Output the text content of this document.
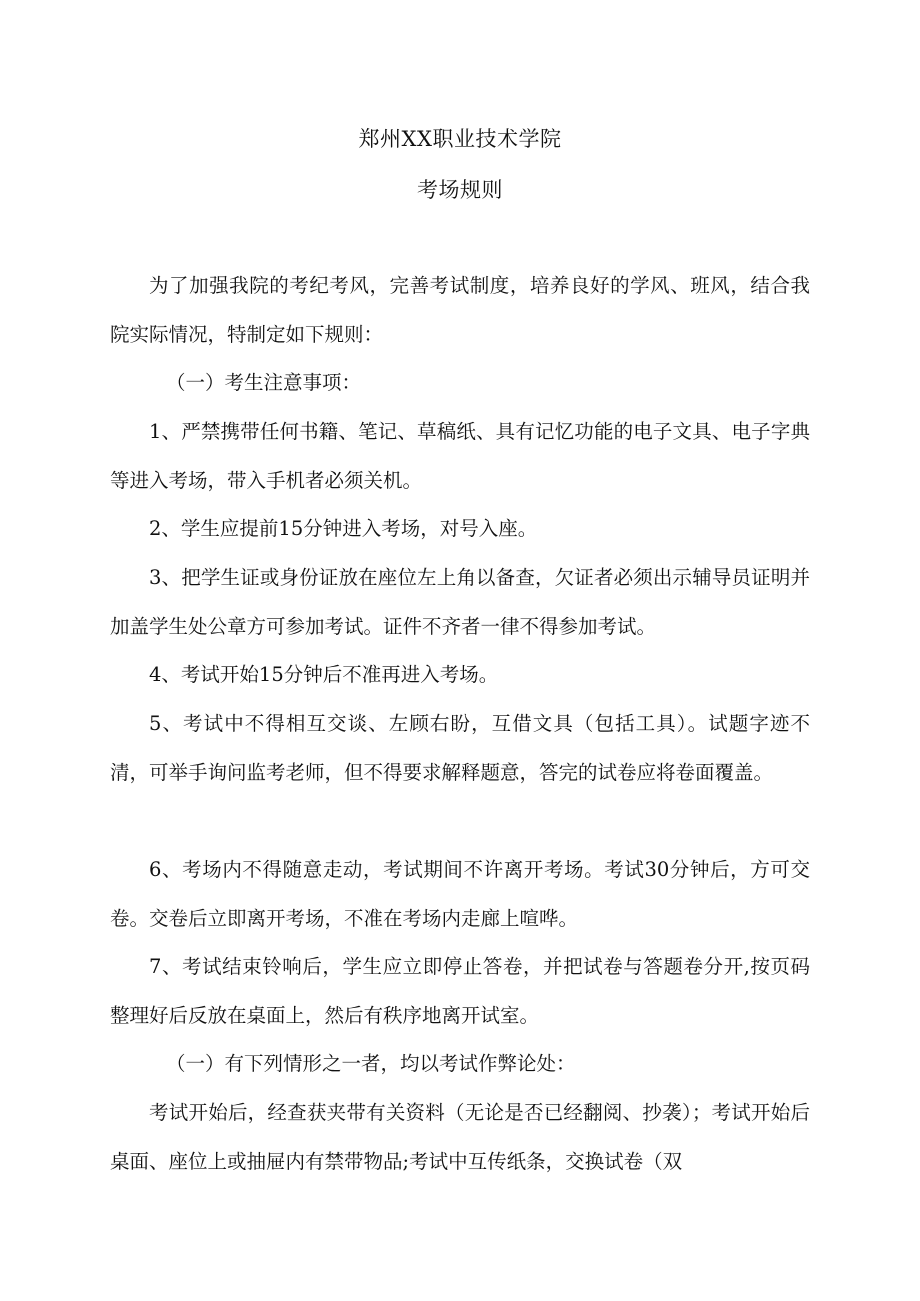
郑州XX职业技术学院
考场规则

为了加强我院的考纪考风，完善考试制度，培养良好的学风、班风，结合我院实际情况，特制定如下规则：

（一）考生注意事项：

1、严禁携带任何书籍、笔记、草稿纸、具有记忆功能的电子文具、电子字典等进入考场，带入手机者必须关机。

2、学生应提前15分钟进入考场，对号入座。

3、把学生证或身份证放在座位左上角以备查，欠证者必须出示辅导员证明并加盖学生处公章方可参加考试。证件不齐者一律不得参加考试。

4、考试开始15分钟后不准再进入考场。

5、考试中不得相互交谈、左顾右盼，互借文具（包括工具）。试题字迹不清，可举手询问监考老师，但不得要求解释题意，答完的试卷应将卷面覆盖。

6、考场内不得随意走动，考试期间不许离开考场。考试30分钟后，方可交卷。交卷后立即离开考场，不准在考场内走廊上喧哗。

7、考试结束铃响后，学生应立即停止答卷，并把试卷与答题卷分开,按页码整理好后反放在桌面上，然后有秩序地离开试室。

（一）有下列情形之一者，均以考试作弊论处：

考试开始后，经查获夹带有关资料（无论是否已经翻阅、抄袭）；考试开始后桌面、座位上或抽屉内有禁带物品;考试中互传纸条，交换试卷（双
